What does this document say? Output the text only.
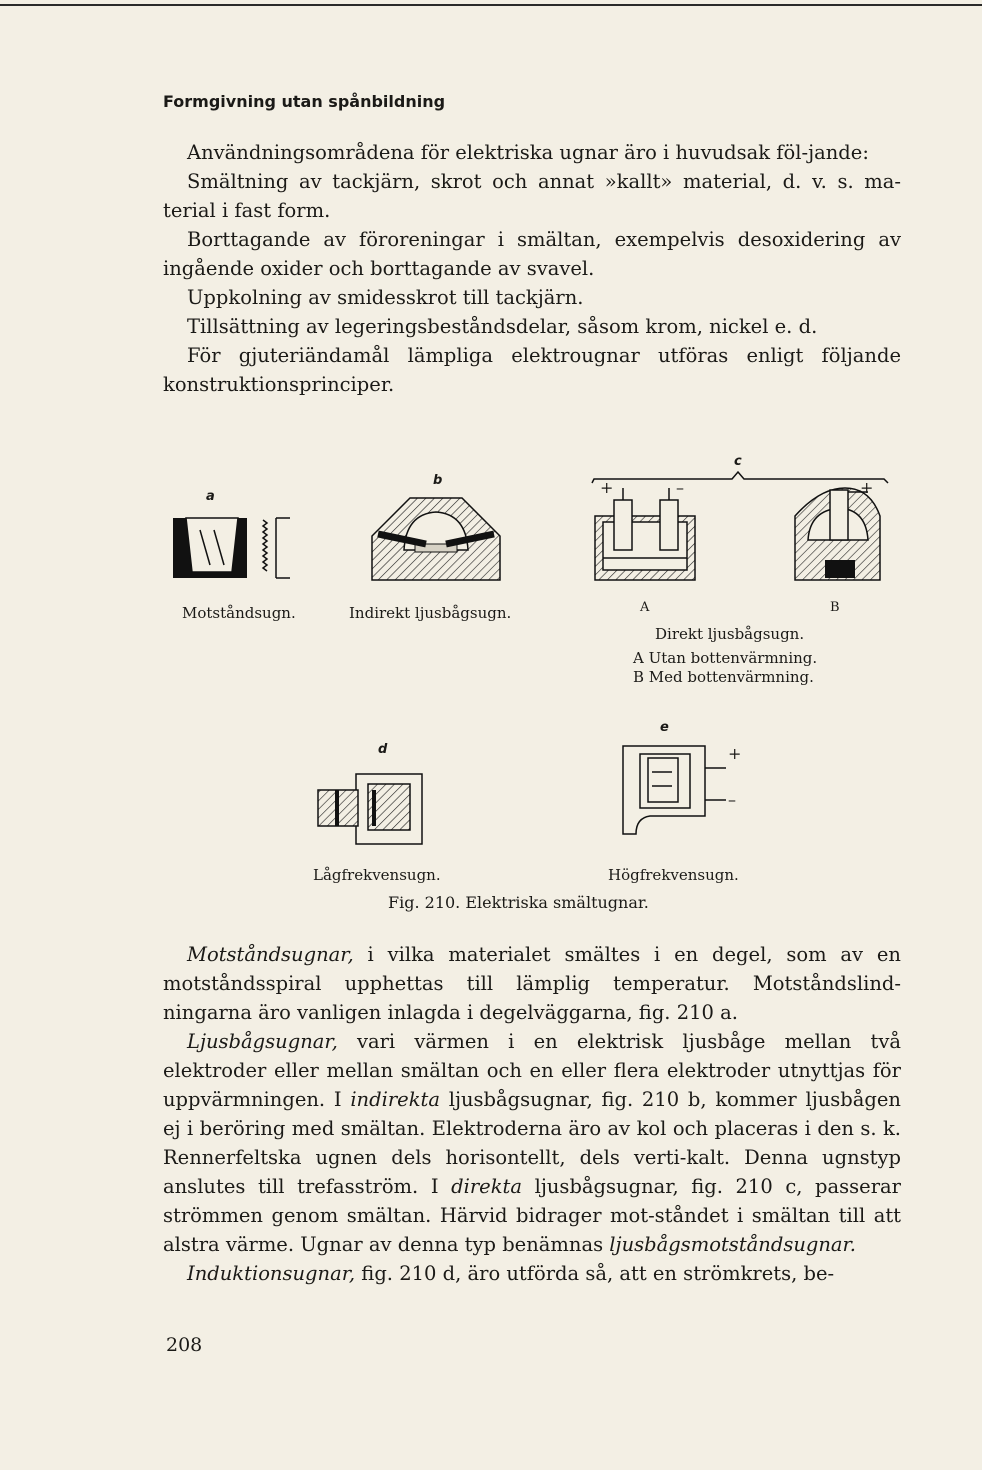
Formgivning utan spånbildning

Användningsområdena för elektriska ugnar äro i huvudsak föl-jande:

Smältning av tackjärn, skrot och annat »kallt» material, d. v. s. ma-terial i fast form.

Borttagande av föroreningar i smältan, exempelvis desoxidering av ingående oxider och borttagande av svavel.

Uppkolning av smidesskrot till tackjärn.

Tillsättning av legeringsbeståndsdelar, såsom krom, nickel e. d.

För gjuteriändamål lämpliga elektrougnar utföras enligt följande konstruktionsprinciper.

a
b
c
d
e
+	–	+
+
–
Motståndsugn.	Indirekt ljusbågsugn.	A	B
Direkt ljusbågsugn.
A Utan bottenvärmning.
B Med bottenvärmning.
Lågfrekvensugn.	Högfrekvensugn.
Fig. 210. Elektriska smältugnar.

Motståndsugnar, i vilka materialet smältes i en degel, som av en motståndsspiral upphettas till lämplig temperatur. Motståndslind-ningarna äro vanligen inlagda i degelväggarna, fig. 210 a.

Ljusbågsugnar, vari värmen i en elektrisk ljusbåge mellan två elektroder eller mellan smältan och en eller flera elektroder utnyttjas för uppvärmningen. I indirekta ljusbågsugnar, fig. 210 b, kommer ljusbågen ej i beröring med smältan. Elektroderna äro av kol och placeras i den s. k. Rennerfeltska ugnen dels horisontellt, dels verti-kalt. Denna ugnstyp anslutes till trefasström. I direkta ljusbågsugnar, fig. 210 c, passerar strömmen genom smältan. Härvid bidrager mot-ståndet i smältan till att alstra värme. Ugnar av denna typ benämnas ljusbågsmotståndsugnar.

Induktionsugnar, fig. 210 d, äro utförda så, att en strömkrets, be-

208
